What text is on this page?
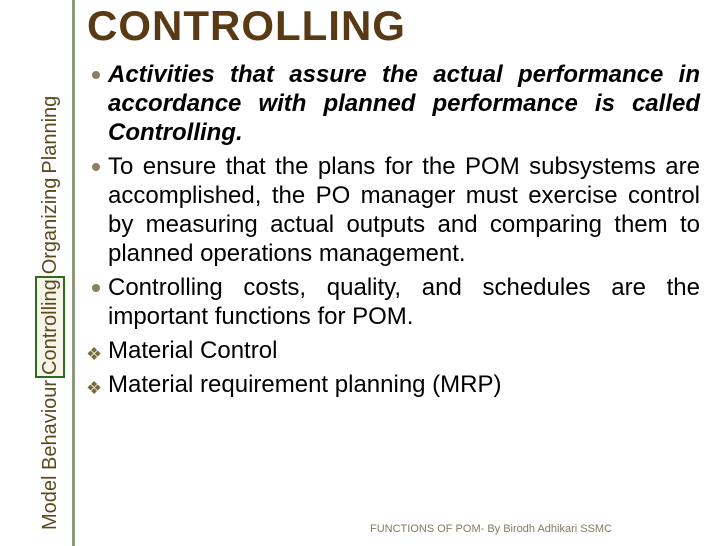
Model Behaviour
Controlling
Organizing
Planning
CONTROLLING

Activities that assure the actual performance in accordance with planned performance is called Controlling.

To ensure that the plans for the POM subsystems are accomplished, the PO manager must exercise control by measuring actual outputs and comparing them to planned operations management.

Controlling costs, quality, and schedules are the important functions for POM.

❖ Material Control

❖ Material requirement planning (MRP)

FUNCTIONS OF POM- By Birodh Adhikari SSMC
